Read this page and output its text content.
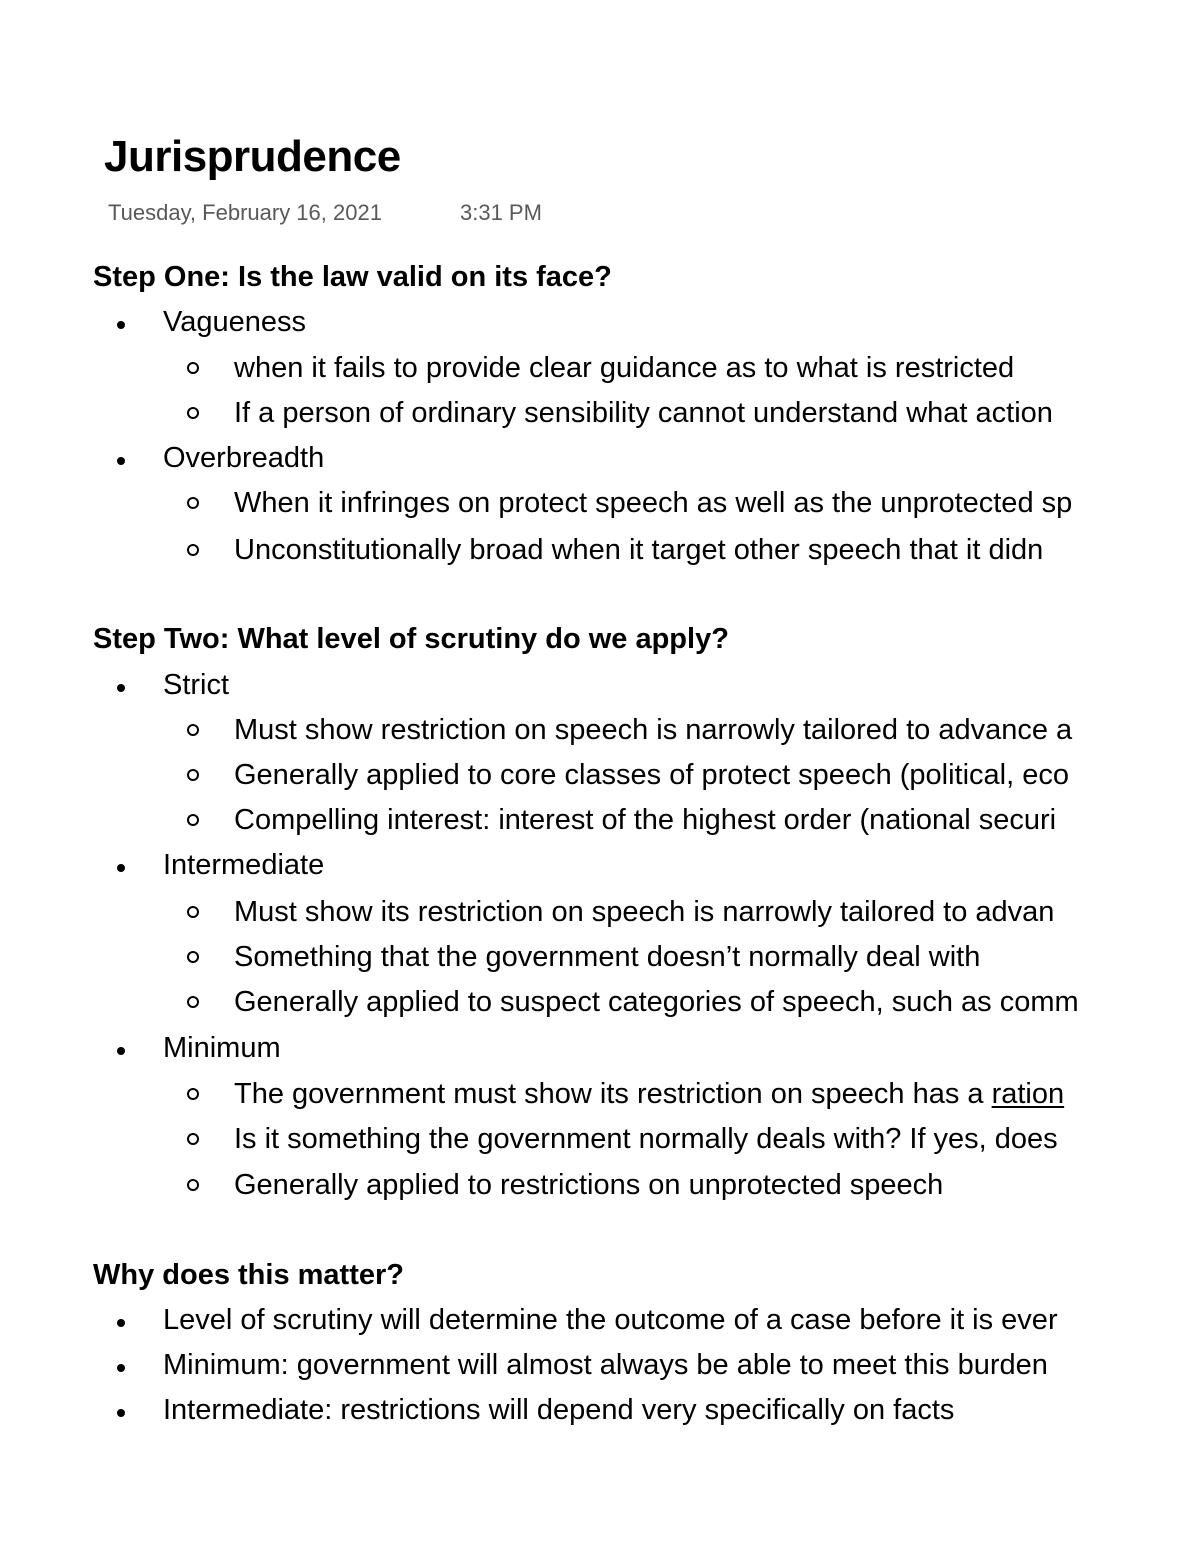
Jurisprudence
Tuesday, February 16, 2021	3:31 PM
Step One: Is the law valid on its face?
Vagueness
when it fails to provide clear guidance as to what is restricted
If a person of ordinary sensibility cannot understand what action
Overbreadth
When it infringes on protect speech as well as the unprotected sp
Unconstitutionally broad when it target other speech that it didn
Step Two: What level of scrutiny do we apply?
Strict
Must show restriction on speech is narrowly tailored to advance a
Generally applied to core classes of protect speech (political, eco
Compelling interest: interest of the highest order (national securi
Intermediate
Must show its restriction on speech is narrowly tailored to advan
Something that the government doesn’t normally deal with
Generally applied to suspect categories of speech, such as comm
Minimum
The government must show its restriction on speech has a ration
Is it something the government normally deals with? If yes, does
Generally applied to restrictions on unprotected speech
Why does this matter?
Level of scrutiny will determine the outcome of a case before it is ever
Minimum: government will almost always be able to meet this burden
Intermediate: restrictions will depend very specifically on facts
